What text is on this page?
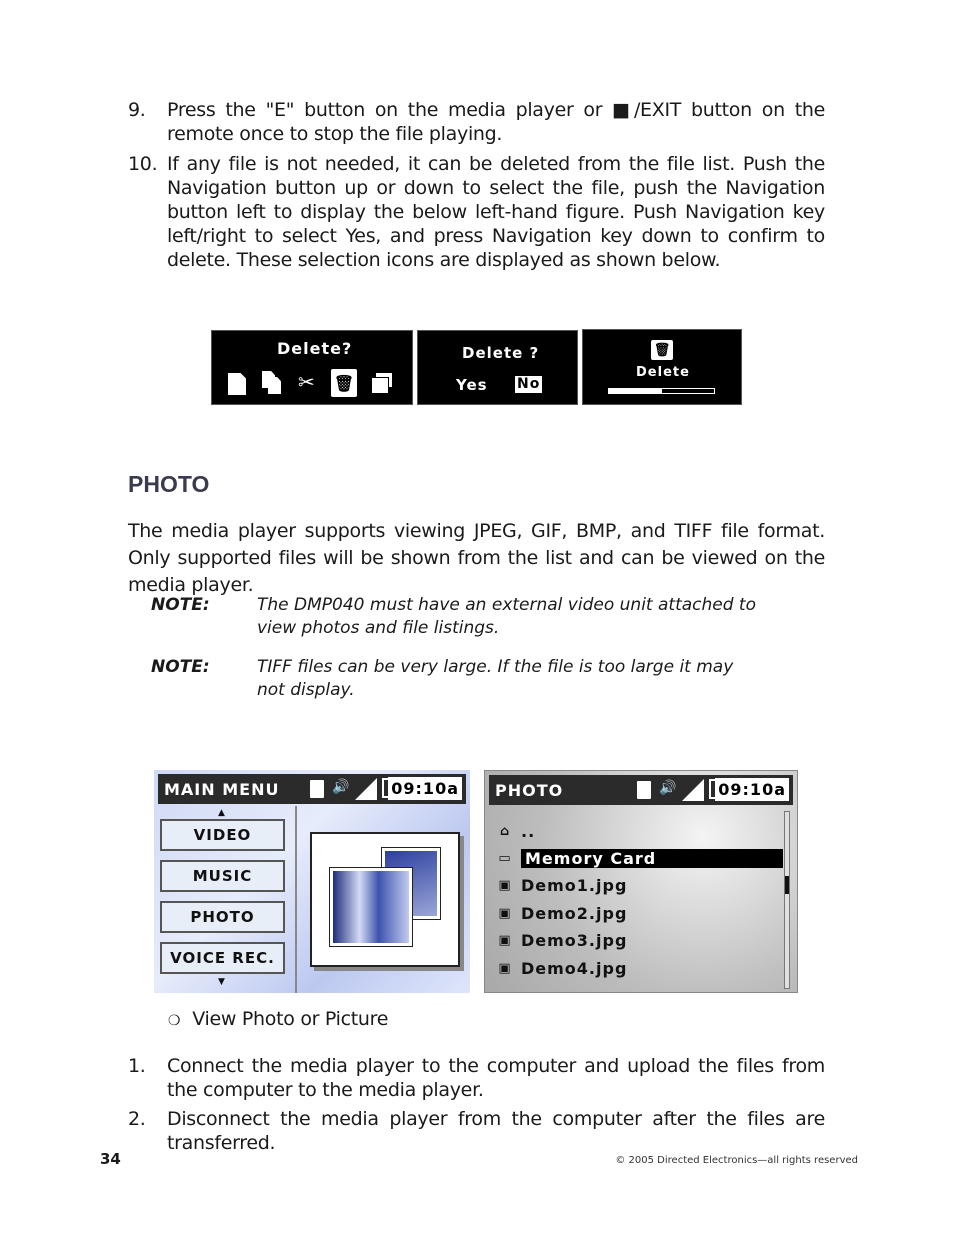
9. Press the "E" button on the media player or ■/EXIT button on the remote once to stop the file playing.
10. If any file is not needed, it can be deleted from the file list. Push the Navigation button up or down to select the file, push the Navigation button left to display the below left-hand figure. Push Navigation key left/right to select Yes, and press Navigation key down to confirm to delete. These selection icons are displayed as shown below.
Delete?
✂ 🗑
Delete ?
Yes No
🗑
Delete
PHOTO
The media player supports viewing JPEG, GIF, BMP, and TIFF file format. Only supported files will be shown from the list and can be viewed on the media player.
NOTE:	The DMP040 must have an external video unit attached to view photos and file listings.
NOTE:	TIFF files can be very large. If the file is too large it may not display.
MAIN MENU	🔊	09:10a
▲
VIDEO
MUSIC
PHOTO
VOICE REC.
▼
PHOTO	🔊	09:10a
⌂ ..
▭ Memory Card
▣ Demo1.jpg
▣ Demo2.jpg
▣ Demo3.jpg
▣ Demo4.jpg
❍ View Photo or Picture
1. Connect the media player to the computer and upload the files from the computer to the media player.
2. Disconnect the media player from the computer after the files are transferred.
34	© 2005 Directed Electronics—all rights reserved
